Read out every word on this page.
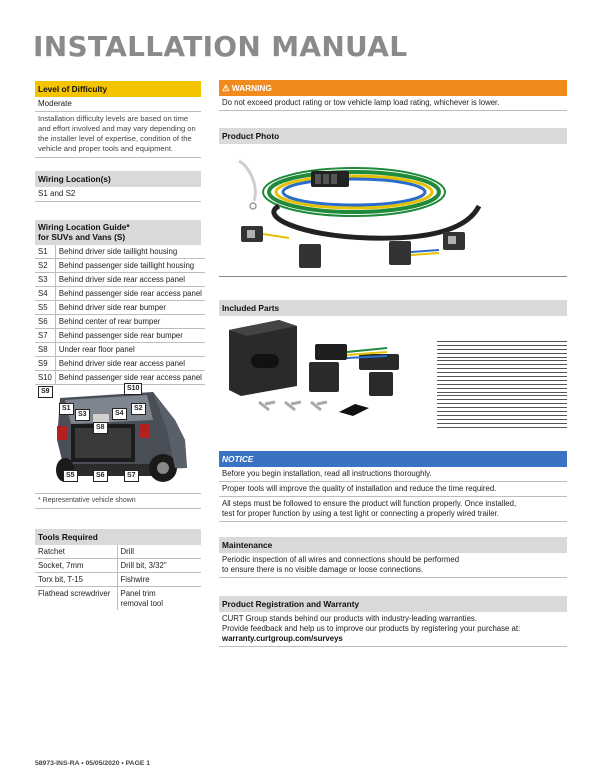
INSTALLATION MANUAL
Level of Difficulty
Moderate
Installation difficulty levels are based on time and effort involved and may vary depending on the installer level of expertise, condition of the vehicle and proper tools and equipment.
Wiring Location(s)
S1 and S2
Wiring Location Guide*
for SUVs and Vans (S)
S1	Behind driver side taillight housing
S2	Behind passenger side taillight housing
S3	Behind driver side rear access panel
S4	Behind passenger side rear access panel
S5	Behind driver side rear bumper
S6	Behind center of rear bumper
S7	Behind passenger side rear bumper
S8	Under rear floor panel
S9	Behind driver side rear access panel
S10	Behind passenger side rear access panel
S9	S10
S1	S2
S3	S4
S8
S5	S6	S7
* Representative vehicle shown
Tools Required
Ratchet	Drill
Socket, 7mm	Drill bit, 3/32"
Torx bit, T-15	Fishwire
Flathead screwdriver	Panel trim
removal tool
⚠ WARNING
Do not exceed product rating or tow vehicle lamp load rating, whichever is lower.
Product Photo
Included Parts
NOTICE
Before you begin installation, read all instructions thoroughly.
Proper tools will improve the quality of installation and reduce the time required.
All steps must be followed to ensure the product will function properly. Once installed,
test for proper function by using a test light or connecting a properly wired trailer.
Maintenance
Periodic inspection of all wires and connections should be performed
to ensure there is no visible damage or loose connections.
Product Registration and Warranty
CURT Group stands behind our products with industry-leading warranties.
Provide feedback and help us to improve our products by registering your purchase at:
warranty.curtgroup.com/surveys
58973-INS-RA • 05/05/2020 • PAGE 1
